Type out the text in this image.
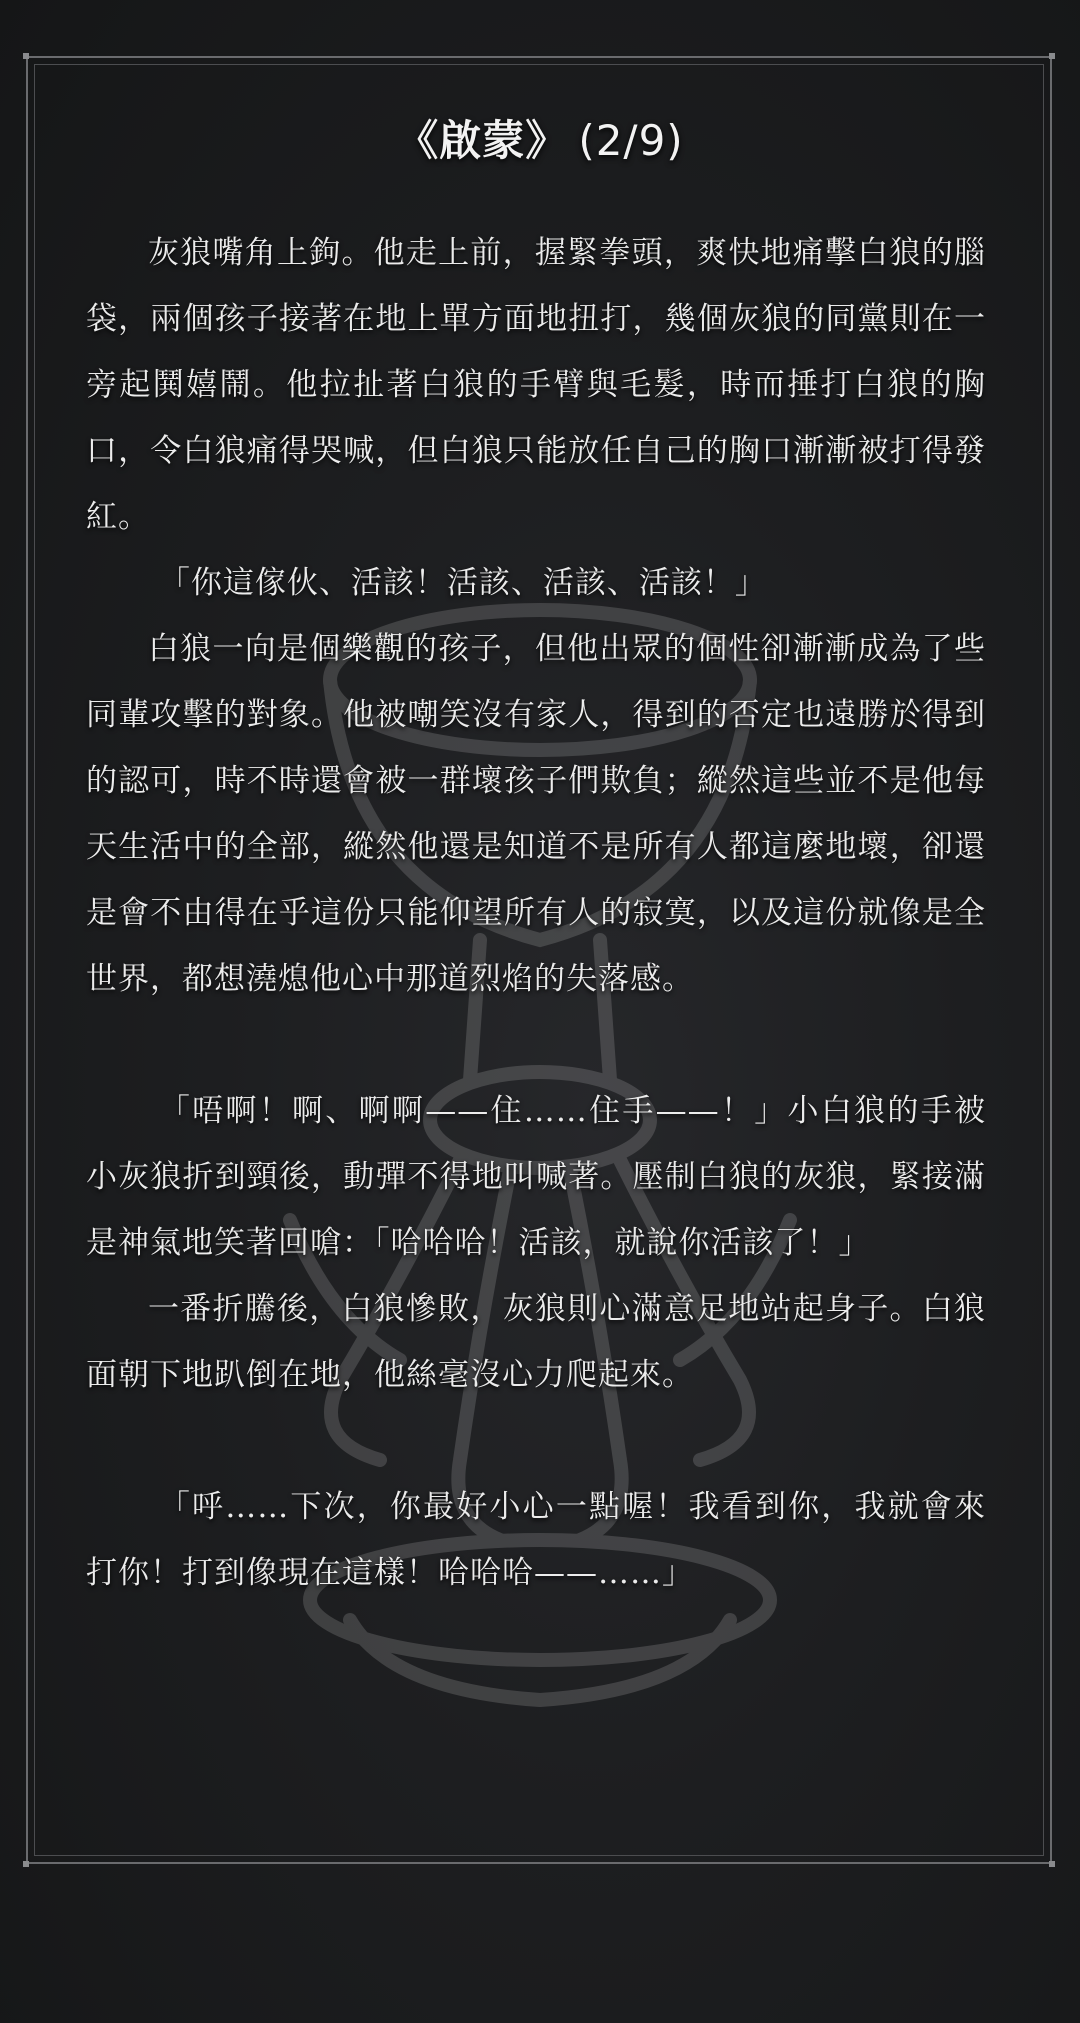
《啟蒙》 (2/9)

灰狼嘴角上鉤。他走上前，握緊拳頭，爽快地痛擊白狼的腦袋，兩個孩子接著在地上單方面地扭打，幾個灰狼的同黨則在一旁起鬨嬉鬧。他拉扯著白狼的手臂與毛髮，時而捶打白狼的胸口，令白狼痛得哭喊，但白狼只能放任自己的胸口漸漸被打得發紅。

「你這傢伙、活該！活該、活該、活該！」

白狼一向是個樂觀的孩子，但他出眾的個性卻漸漸成為了些同輩攻擊的對象。他被嘲笑沒有家人，得到的否定也遠勝於得到的認可，時不時還會被一群壞孩子們欺負；縱然這些並不是他每天生活中的全部，縱然他還是知道不是所有人都這麼地壞，卻還是會不由得在乎這份只能仰望所有人的寂寞，以及這份就像是全世界，都想澆熄他心中那道烈焰的失落感。

「唔啊！啊、啊啊——住……住手——！」小白狼的手被小灰狼折到頸後，動彈不得地叫喊著。壓制白狼的灰狼，緊接滿是神氣地笑著回嗆：「哈哈哈！活該，就說你活該了！」

一番折騰後，白狼慘敗，灰狼則心滿意足地站起身子。白狼面朝下地趴倒在地，他絲毫沒心力爬起來。

「呼……下次，你最好小心一點喔！我看到你，我就會來打你！打到像現在這樣！哈哈哈——……」
